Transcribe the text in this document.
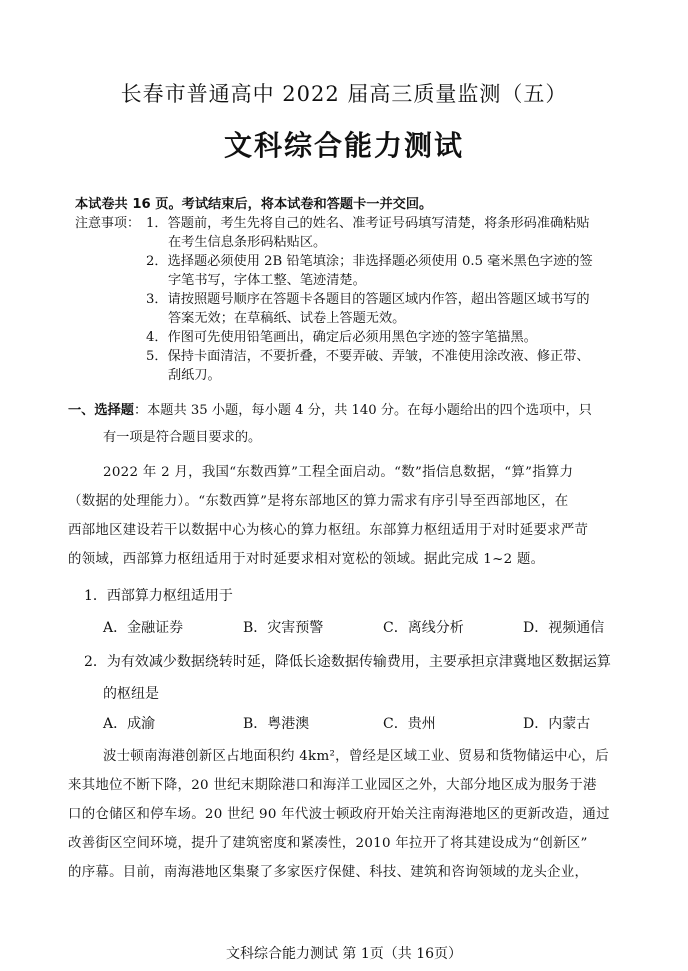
长春市普通高中 2022 届高三质量监测（五）
文科综合能力测试
本试卷共 16 页。考试结束后，将本试卷和答题卡一并交回。
注意事项： 1．答题前，考生先将自己的姓名、准考证号码填写清楚，将条形码准确粘贴
在考生信息条形码粘贴区。
2．选择题必须使用 2B 铅笔填涂；非选择题必须使用 0.5 毫米黑色字迹的签
字笔书写，字体工整、笔迹清楚。
3．请按照题号顺序在答题卡各题目的答题区域内作答，超出答题区域书写的
答案无效；在草稿纸、试卷上答题无效。
4．作图可先使用铅笔画出，确定后必须用黑色字迹的签字笔描黑。
5．保持卡面清洁，不要折叠，不要弄破、弄皱，不准使用涂改液、修正带、
刮纸刀。
一、选择题：本题共 35 小题，每小题 4 分，共 140 分。在每小题给出的四个选项中，只
有一项是符合题目要求的。
2022 年 2 月，我国“东数西算”工程全面启动。“数”指信息数据，“算”指算力
（数据的处理能力）。“东数西算”是将东部地区的算力需求有序引导至西部地区，在
西部地区建设若干以数据中心为核心的算力枢纽。东部算力枢纽适用于对时延要求严苛
的领域，西部算力枢纽适用于对时延要求相对宽松的领域。据此完成 1~2 题。
1．西部算力枢纽适用于
A．金融证券	B．灾害预警	C．离线分析	D．视频通信
2．为有效减少数据绕转时延，降低长途数据传输费用，主要承担京津冀地区数据运算
的枢纽是
A．成渝	B．粤港澳	C．贵州	D．内蒙古
波士顿南海港创新区占地面积约 4km²，曾经是区域工业、贸易和货物储运中心，后
来其地位不断下降，20 世纪末期除港口和海洋工业园区之外，大部分地区成为服务于港
口的仓储区和停车场。20 世纪 90 年代波士顿政府开始关注南海港地区的更新改造，通过
改善街区空间环境，提升了建筑密度和紧凑性，2010 年拉开了将其建设成为“创新区”
的序幕。目前，南海港地区集聚了多家医疗保健、科技、建筑和咨询领域的龙头企业，
文科综合能力测试 第 1页（共 16页）
